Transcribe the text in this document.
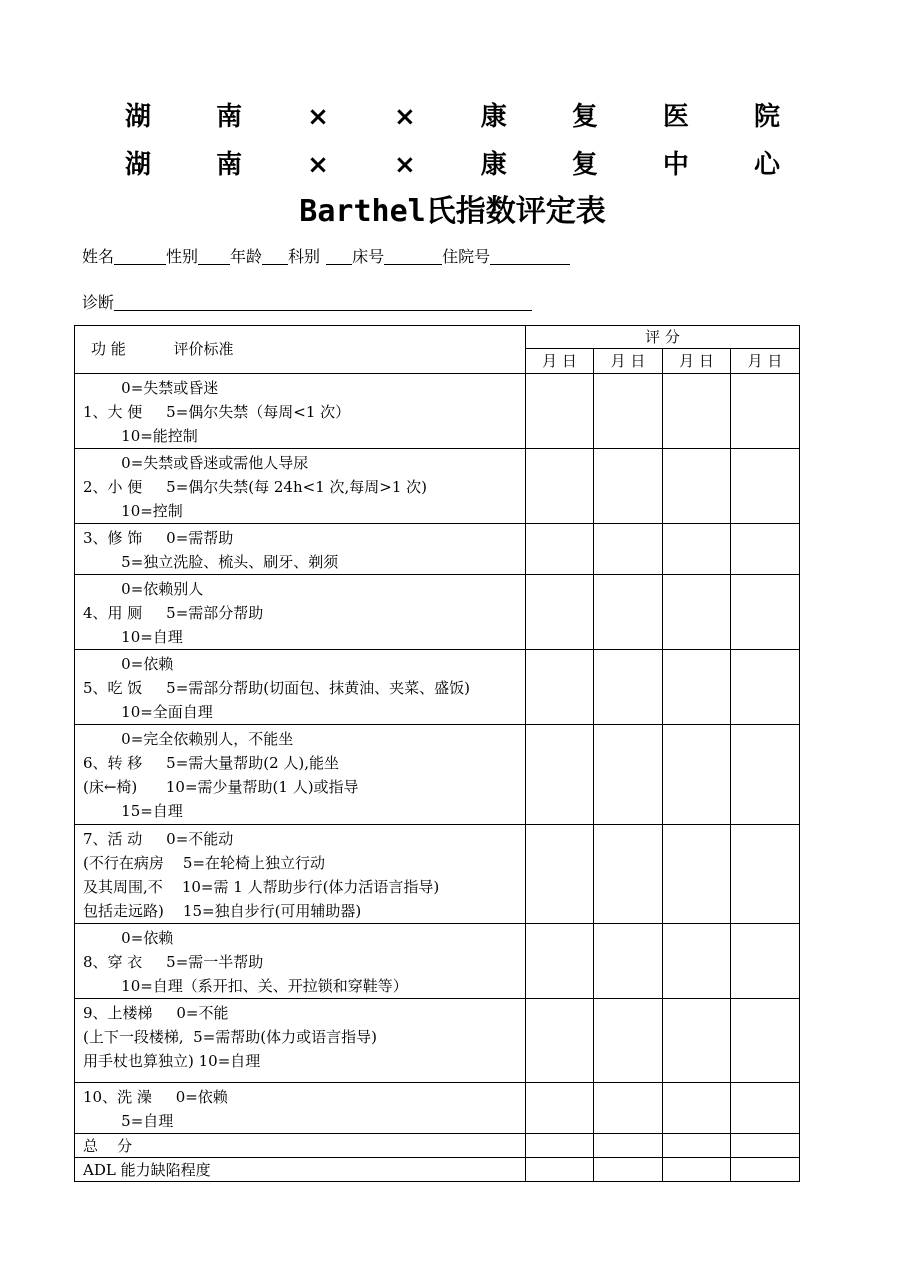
湖 南 × × 康 复 医 院
湖 南 × × 康 复 中 心
Barthel氏指数评定表
姓名	性别 年龄 科别 床号	住院号
诊断
功 能          评价标准	评 分			
	月 日	月 日	月 日	月 日

0=失禁或昏迷
1、大 便     5=偶尔失禁（每周<1 次）
10=能控制				

0=失禁或昏迷或需他人导尿
2、小 便     5=偶尔失禁(每 24h<1 次,每周>1 次)
10=控制				

3、修 饰     0=需帮助
5=独立洗脸、梳头、刷牙、剃须				

0=依赖别人
4、用 厕     5=需部分帮助
10=自理				

0=依赖
5、吃 饭     5=需部分帮助(切面包、抹黄油、夹菜、盛饭)
10=全面自理				

0=完全依赖别人，不能坐
6、转 移     5=需大量帮助(2 人),能坐
(床←椅)      10=需少量帮助(1 人)或指导
15=自理				

7、活 动     0=不能动
(不行在病房    5=在轮椅上独立行动
及其周围,不    10=需 1 人帮助步行(体力活语言指导)
包括走远路)    15=独自步行(可用辅助器)				

0=依赖
8、穿 衣     5=需一半帮助
10=自理（系开扣、关、开拉锁和穿鞋等）				

9、上楼梯     0=不能
(上下一段楼梯,  5=需帮助(体力或语言指导)
用手杖也算独立) 10=自理				

10、洗 澡     0=依赖
5=自理				

总    分				
ADL 能力缺陷程度				
